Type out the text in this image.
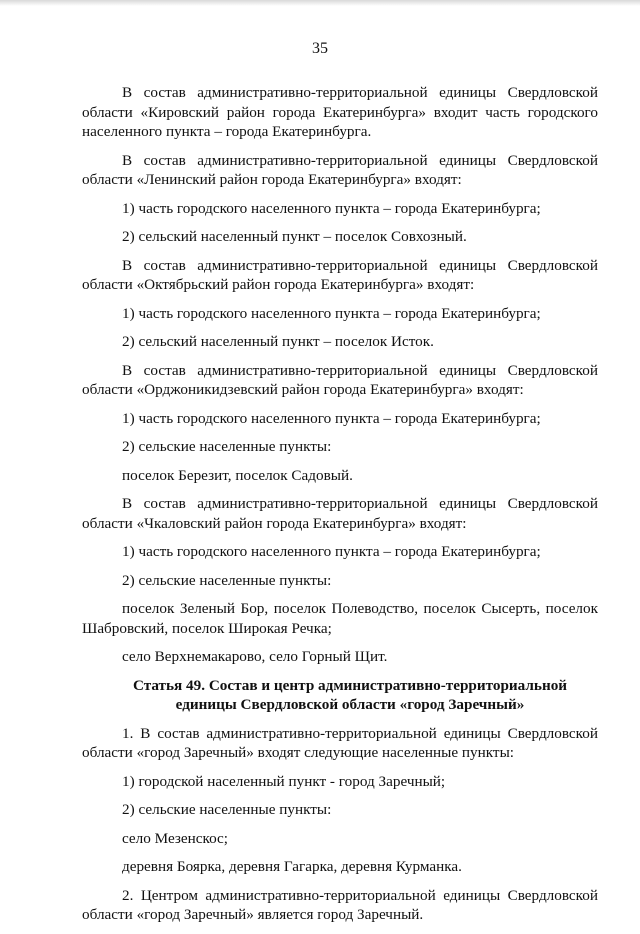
35

В состав административно-территориальной единицы Свердловской области «Кировский район города Екатеринбурга» входит часть городского населенного пункта – города Екатеринбурга.

В состав административно-территориальной единицы Свердловской области «Ленинский район города Екатеринбурга» входят:

1) часть городского населенного пункта – города Екатеринбурга;

2) сельский населенный пункт – поселок Совхозный.

В состав административно-территориальной единицы Свердловской области «Октябрьский район города Екатеринбурга» входят:

1) часть городского населенного пункта – города Екатеринбурга;

2) сельский населенный пункт – поселок Исток.

В состав административно-территориальной единицы Свердловской области «Орджоникидзевский район города Екатеринбурга» входят:

1) часть городского населенного пункта – города Екатеринбурга;

2) сельские населенные пункты:

поселок Березит, поселок Садовый.

В состав административно-территориальной единицы Свердловской области «Чкаловский район города Екатеринбурга» входят:

1) часть городского населенного пункта – города Екатеринбурга;

2) сельские населенные пункты:

поселок Зеленый Бор, поселок Полеводство, поселок Сысерть, поселок Шабровский, поселок Широкая Речка;

село Верхнемакарово, село Горный Щит.

Статья 49. Состав и центр административно-территориальной
единицы Свердловской области «город Заречный»

1. В состав административно-территориальной единицы Свердловской области «город Заречный» входят следующие населенные пункты:

1) городской населенный пункт - город Заречный;

2) сельские населенные пункты:

село Мезенскос;

деревня Боярка, деревня Гагарка, деревня Курманка.

2. Центром административно-территориальной единицы Свердловской области «город Заречный» является город Заречный.
